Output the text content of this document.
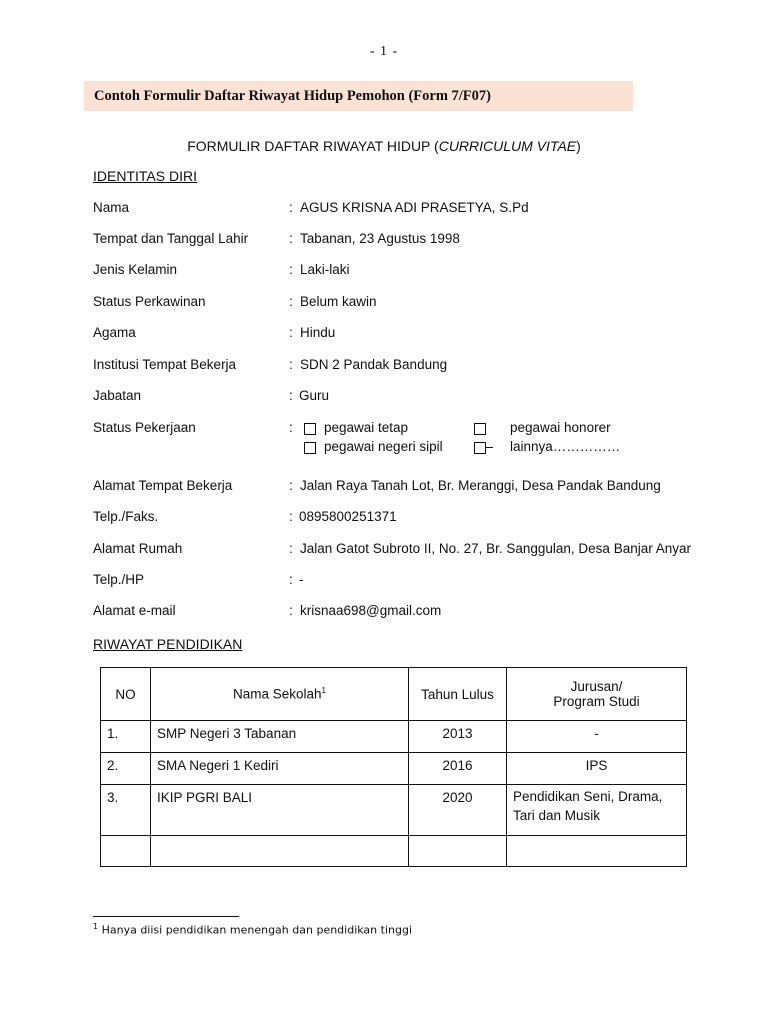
- 1 -
Contoh Formulir Daftar Riwayat Hidup Pemohon (Form 7/F07)
FORMULIR DAFTAR RIWAYAT HIDUP (CURRICULUM VITAE)
IDENTITAS DIRI
Nama	: AGUS KRISNA ADI PRASETYA, S.Pd
Tempat dan Tanggal Lahir	: Tabanan, 23 Agustus 1998
Jenis Kelamin	: Laki-laki
Status Perkawinan	: Belum kawin
Agama	: Hindu
Institusi Tempat Bekerja	: SDN 2 Pandak Bandung
Jabatan	: Guru
Status Pekerjaan	: pegawai tetap	pegawai honorer
pegawai negeri sipil	lainnya……………
Alamat Tempat Bekerja	: Jalan Raya Tanah Lot, Br. Meranggi, Desa Pandak Bandung
Telp./Faks.	: 0895800251371
Alamat Rumah	: Jalan Gatot Subroto II, No. 27, Br. Sanggulan, Desa Banjar Anyar
Telp./HP	: -
Alamat e-mail	: krisnaa698@gmail.com
RIWAYAT PENDIDIKAN
NO	Nama Sekolah$^1$	Tahun Lulus	Jurusan/
Program Studi
1.	SMP Negeri 3 Tabanan	2013	-
2.	SMA Negeri 1 Kediri	2016	IPS
3.	IKIP PGRI BALI	2020	Pendidikan Seni, Drama, Tari dan Musik

$^1$ Hanya diisi pendidikan menengah dan pendidikan tinggi
